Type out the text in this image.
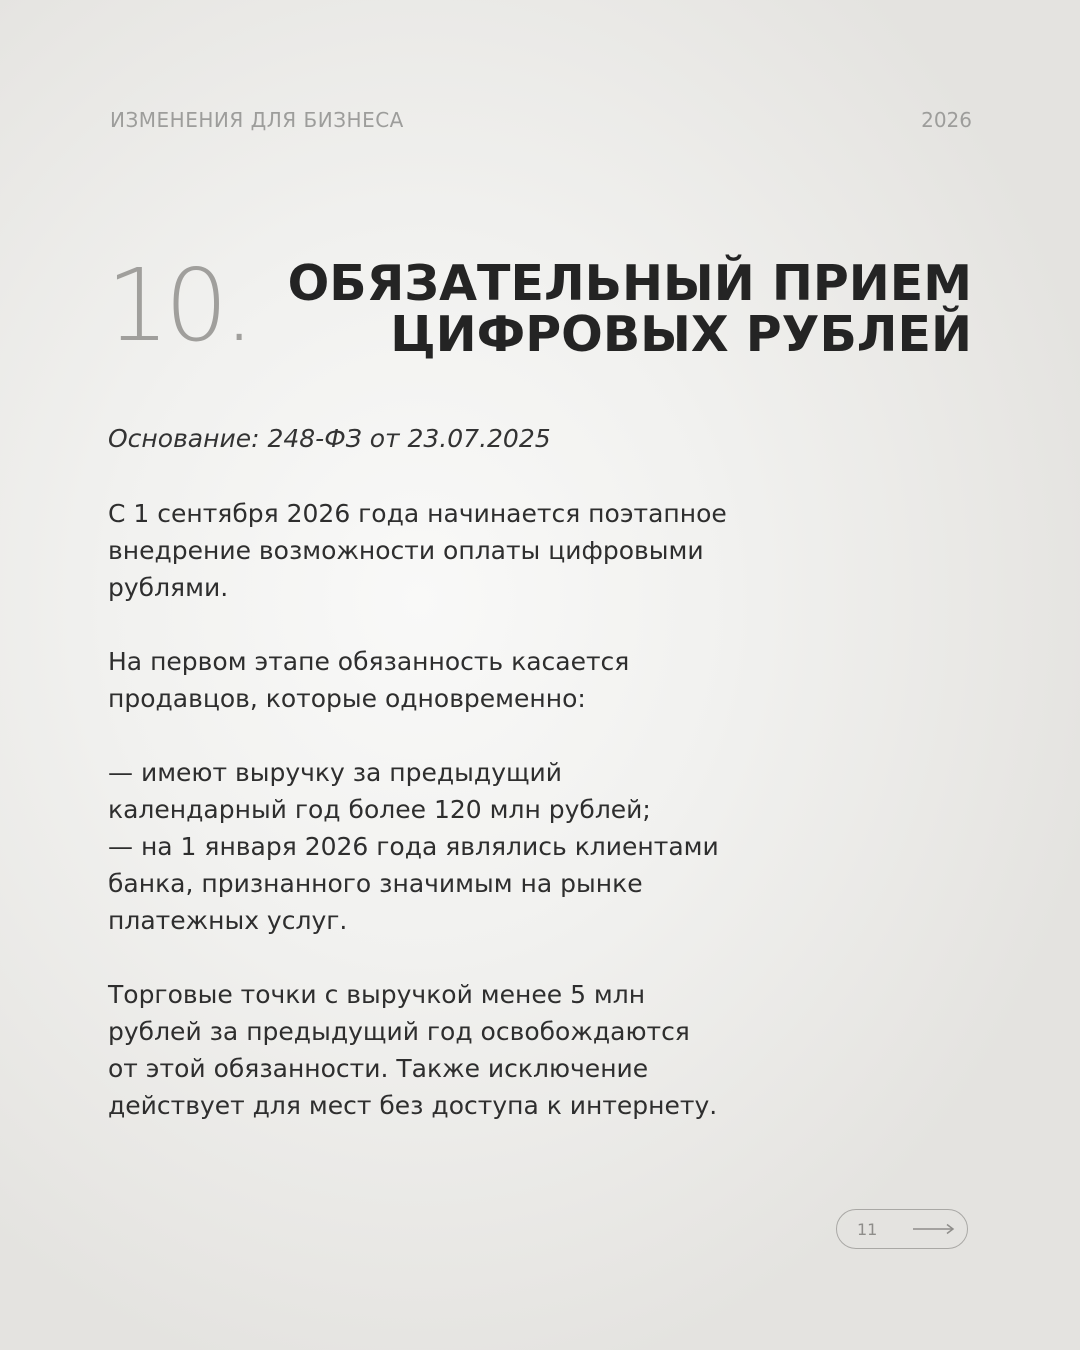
ИЗМЕНЕНИЯ ДЛЯ БИЗНЕСА	2026
10. ОБЯЗАТЕЛЬНЫЙ ПРИЕМ
ЦИФРОВЫХ РУБЛЕЙ
Основание: 248-ФЗ от 23.07.2025

С 1 сентября 2026 года начинается поэтапное
внедрение возможности оплаты цифровыми
рублями.

На первом этапе обязанность касается
продавцов, которые одновременно:

— имеют выручку за предыдущий
календарный год более 120 млн рублей;
— на 1 января 2026 года являлись клиентами
банка, признанного значимым на рынке
платежных услуг.

Торговые точки с выручкой менее 5 млн
рублей за предыдущий год освобождаются
от этой обязанности. Также исключение
действует для мест без доступа к интернету.

11
